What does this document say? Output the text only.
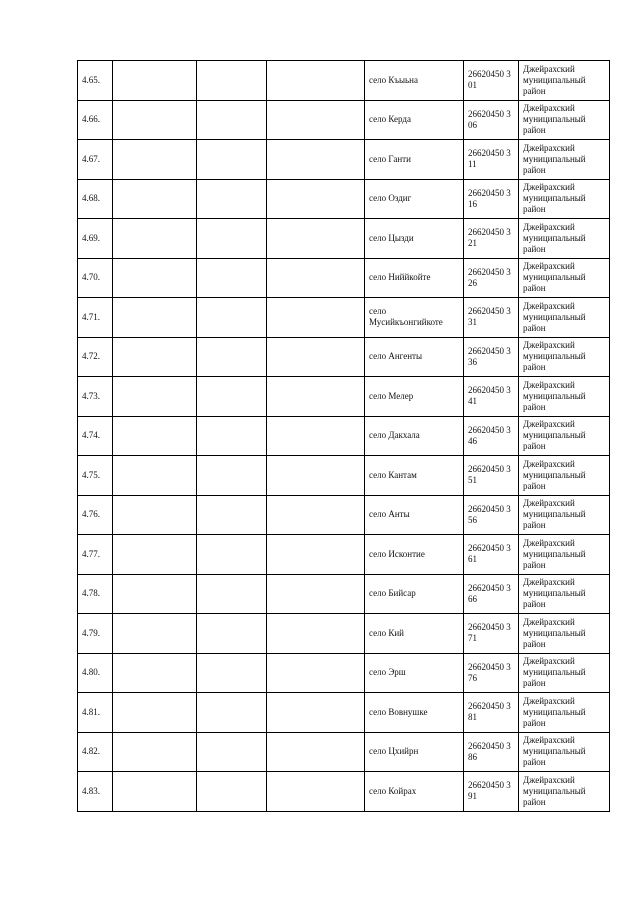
4.65.				село Къыьна	26620450 301	Джейрахский муниципальный район
4.66.				село Керда	26620450 306	Джейрахский муниципальный район
4.67.				село Ганти	26620450 311	Джейрахский муниципальный район
4.68.				село Оздиг	26620450 316	Джейрахский муниципальный район
4.69.				село Цызди	26620450 321	Джейрахский муниципальный район
4.70.				село Ниййкойте	26620450 326	Джейрахский муниципальный район
4.71.				село Мусийкъонгийкоте	26620450 331	Джейрахский муниципальный район
4.72.				село Ангенты	26620450 336	Джейрахский муниципальный район
4.73.				село Мелер	26620450 341	Джейрахский муниципальный район
4.74.				село Дакхала	26620450 346	Джейрахский муниципальный район
4.75.				село Кантам	26620450 351	Джейрахский муниципальный район
4.76.				село Анты	26620450 356	Джейрахский муниципальный район
4.77.				село Исконтие	26620450 361	Джейрахский муниципальный район
4.78.				село Бийсар	26620450 366	Джейрахский муниципальный район
4.79.				село Кий	26620450 371	Джейрахский муниципальный район
4.80.				село Эрш	26620450 376	Джейрахский муниципальный район
4.81.				село Вовнушке	26620450 381	Джейрахский муниципальный район
4.82.				село Цхийрн	26620450 386	Джейрахский муниципальный район
4.83.				село Койрах	26620450 391	Джейрахский муниципальный район
